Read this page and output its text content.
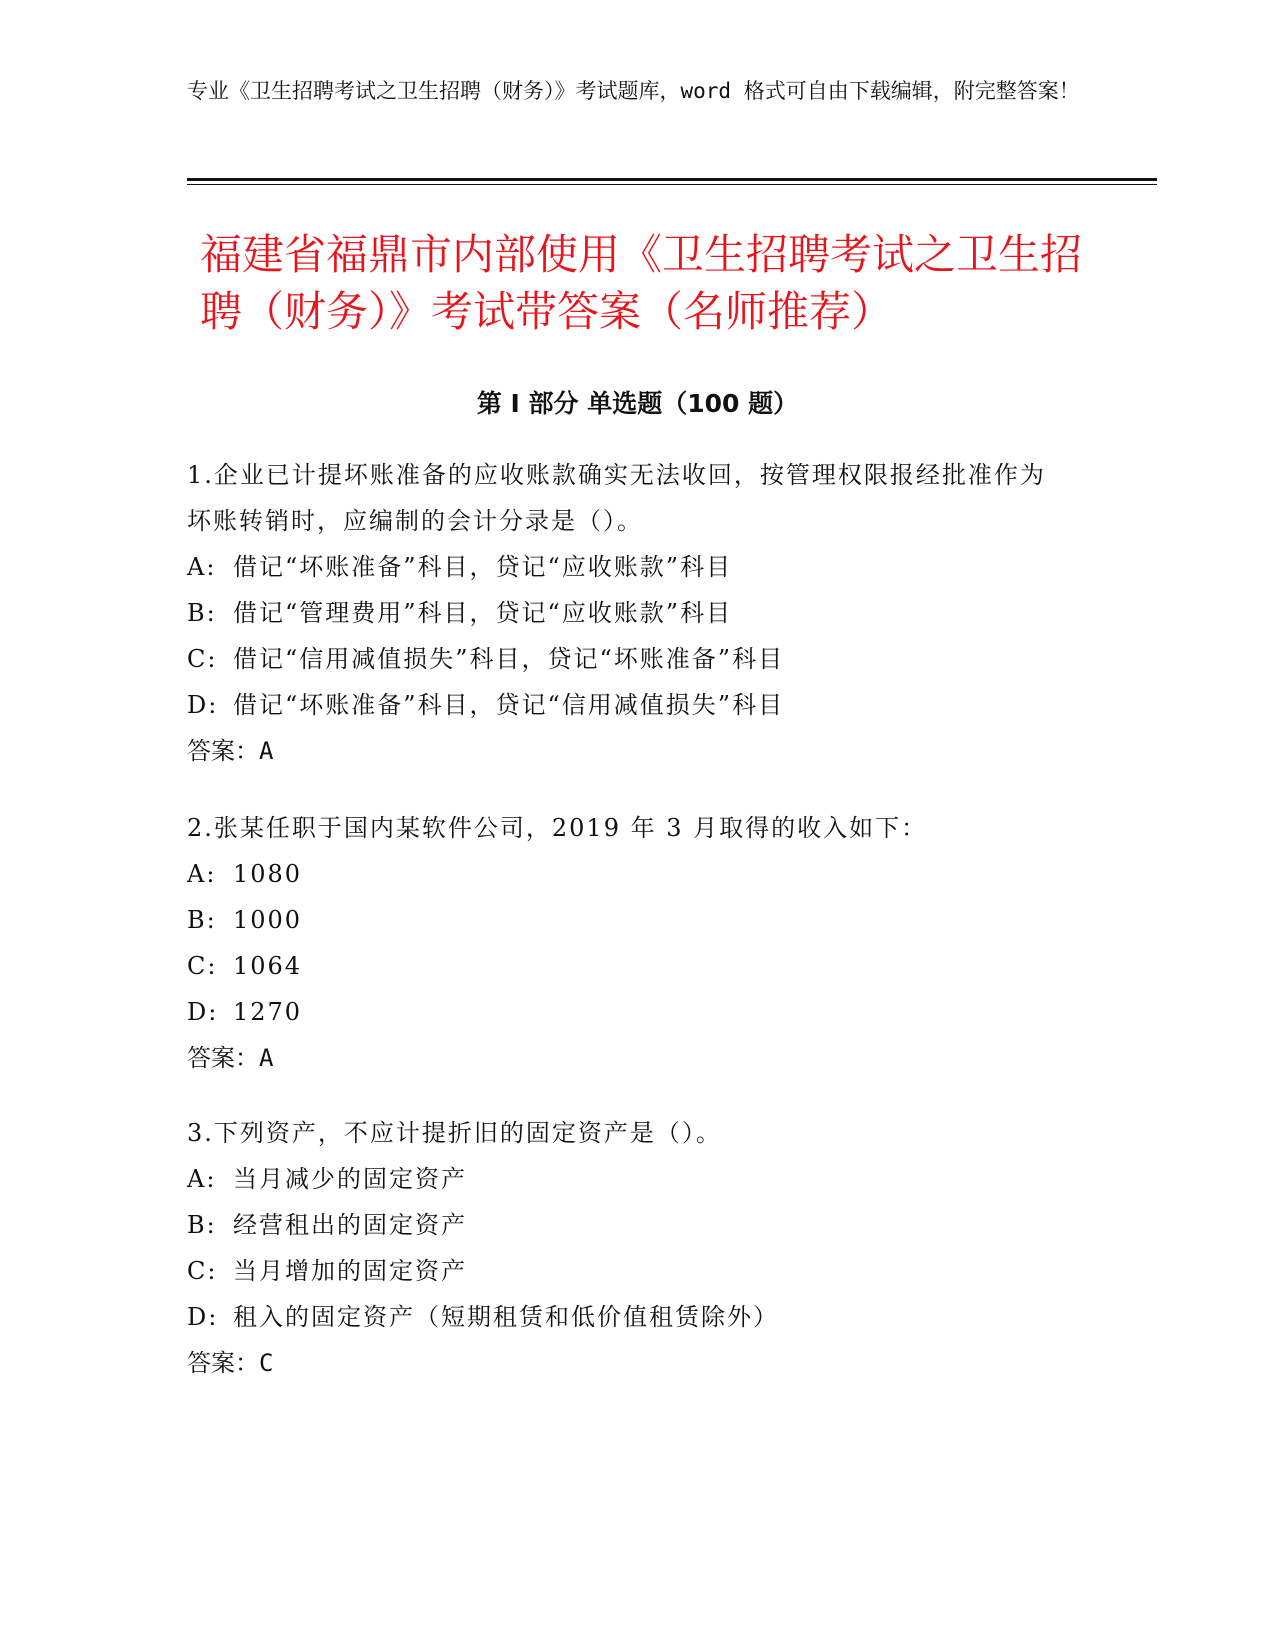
专业《卫生招聘考试之卫生招聘（财务）》考试题库，word 格式可自由下载编辑，附完整答案！

福建省福鼎市内部使用《卫生招聘考试之卫生招聘（财务）》考试带答案（名师推荐）
第 I 部分 单选题（100 题）

1.企业已计提坏账准备的应收账款确实无法收回，按管理权限报经批准作为坏账转销时，应编制的会计分录是（）。

A: 借记“坏账准备”科目，贷记“应收账款”科目

B: 借记“管理费用”科目，贷记“应收账款”科目

C: 借记“信用减值损失”科目，贷记“坏账准备”科目

D: 借记“坏账准备”科目，贷记“信用减值损失”科目

答案：A

2.张某任职于国内某软件公司，2019 年 3 月取得的收入如下：

A: 1080

B: 1000

C: 1064

D: 1270

答案：A

3.下列资产，不应计提折旧的固定资产是（）。

A: 当月减少的固定资产

B: 经营租出的固定资产

C: 当月增加的固定资产

D: 租入的固定资产（短期租赁和低价值租赁除外）

答案：C
